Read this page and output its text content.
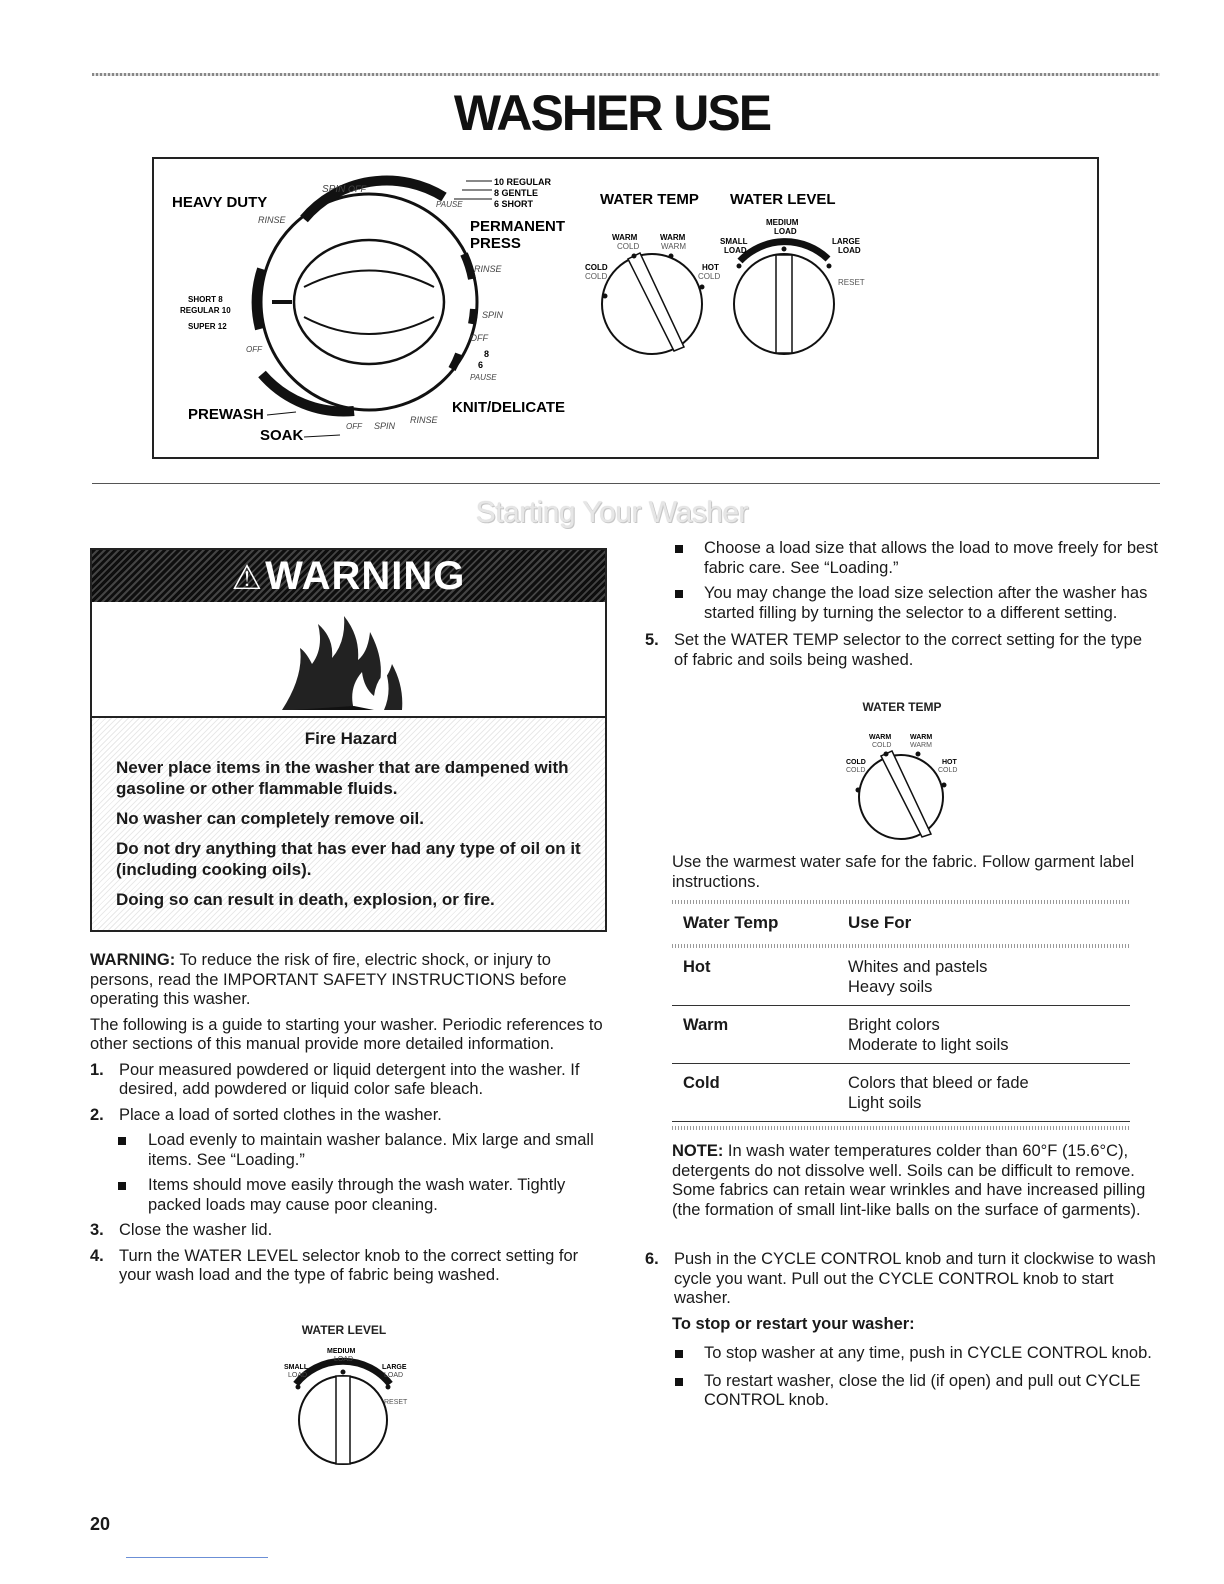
WASHER USE
HEAVY DUTY
SPIN OFF
RINSE
PAUSE
10 REGULAR
8 GENTLE
6 SHORT
PERMANENT
PRESS
RINSE
SPIN
OFF
8
6
PAUSE
SHORT 8
REGULAR 10
SUPER 12
OFF
PREWASH
SOAK
OFF SPIN
RINSE
KNIT/DELICATE
WATER TEMP WATER LEVEL
WARM
COLD
WARM
WARM
COLD
COLD
HOT
COLD
MEDIUM
LOAD
SMALL
LOAD
LARGE
LOAD
RESET
Starting Your Washer
⚠WARNING
Fire Hazard

Never place items in the washer that are dampened with gasoline or other flammable fluids.

No washer can completely remove oil.

Do not dry anything that has ever had any type of oil on it (including cooking oils).

Doing so can result in death, explosion, or fire.

WARNING: To reduce the risk of fire, electric shock, or injury to persons, read the IMPORTANT SAFETY INSTRUCTIONS before operating this washer.

The following is a guide to starting your washer. Periodic references to other sections of this manual provide more detailed information.

1. Pour measured powdered or liquid detergent into the washer. If desired, add powdered or liquid color safe bleach.
2. Place a load of sorted clothes in the washer.
Load evenly to maintain washer balance. Mix large and small items. See “Loading.”
Items should move easily through the wash water. Tightly packed loads may cause poor cleaning.
3. Close the washer lid.
4. Turn the WATER LEVEL selector knob to the correct setting for your wash load and the type of fabric being washed.
WATER LEVEL
MEDIUM
LOAD
SMALL
LOAD
LARGE
LOAD
RESET
Choose a load size that allows the load to move freely for best fabric care. See “Loading.”
You may change the load size selection after the washer has started filling by turning the selector to a different setting.
5. Set the WATER TEMP selector to the correct setting for the type of fabric and soils being washed.
WATER TEMP
WARM
COLD
WARM
WARM
COLD
COLD
HOT
COLD
Use the warmest water safe for the fabric. Follow garment label instructions.
Water Temp	Use For
Hot	Whites and pastels
Heavy soils
Warm	Bright colors
Moderate to light soils
Cold	Colors that bleed or fade
Light soils

NOTE: In wash water temperatures colder than 60°F (15.6°C), detergents do not dissolve well. Soils can be difficult to remove. Some fabrics can retain wear wrinkles and have increased pilling (the formation of small lint-like balls on the surface of garments).

6. Push in the CYCLE CONTROL knob and turn it clockwise to wash cycle you want. Pull out the CYCLE CONTROL knob to start washer.
To stop or restart your washer:
To stop washer at any time, push in CYCLE CONTROL knob.
To restart washer, close the lid (if open) and pull out CYCLE CONTROL knob.
20
